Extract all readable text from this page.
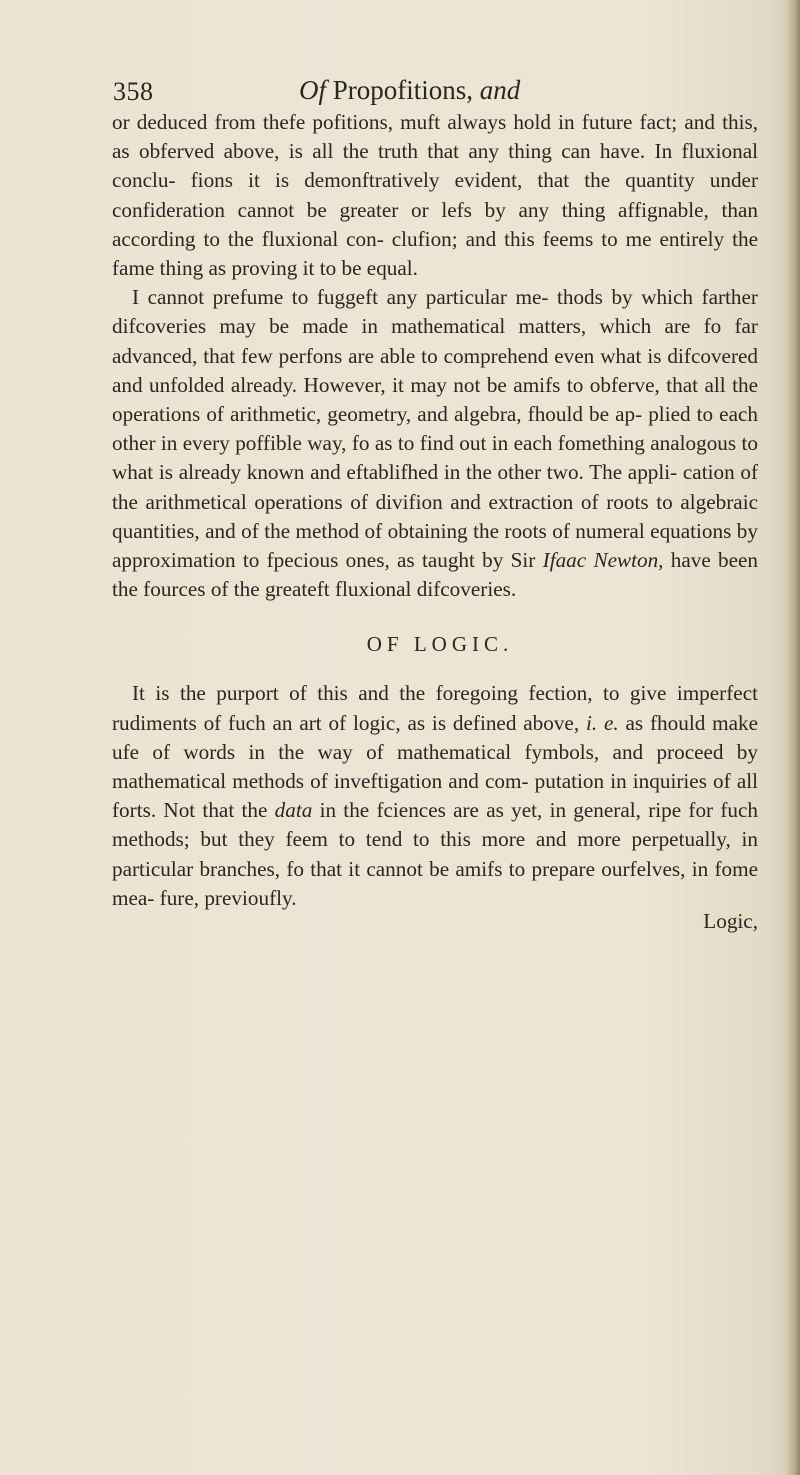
358	Of Propofitions, and

or deduced from thefe pofitions, muft always hold in future fact; and this, as obferved above, is all the truth that any thing can have. In fluxional conclu- fions it is demonftratively evident, that the quantity under confideration cannot be greater or lefs by any thing affignable, than according to the fluxional con- clufion; and this feems to me entirely the fame thing as proving it to be equal.

I cannot prefume to fuggeft any particular me- thods by which farther difcoveries may be made in mathematical matters, which are fo far advanced, that few perfons are able to comprehend even what is difcovered and unfolded already. However, it may not be amifs to obferve, that all the operations of arithmetic, geometry, and algebra, fhould be ap- plied to each other in every poffible way, fo as to find out in each fomething analogous to what is already known and eftablifhed in the other two. The appli- cation of the arithmetical operations of divifion and extraction of roots to algebraic quantities, and of the method of obtaining the roots of numeral equations by approximation to fpecious ones, as taught by Sir Ifaac Newton, have been the fources of the greateft fluxional difcoveries.

OF LOGIC.

It is the purport of this and the foregoing fection, to give imperfect rudiments of fuch an art of logic, as is defined above, i. e. as fhould make ufe of words in the way of mathematical fymbols, and proceed by mathematical methods of inveftigation and com- putation in inquiries of all forts. Not that the data in the fciences are as yet, in general, ripe for fuch methods; but they feem to tend to this more and more perpetually, in particular branches, fo that it cannot be amifs to prepare ourfelves, in fome mea- fure, previoufly.

Logic,
